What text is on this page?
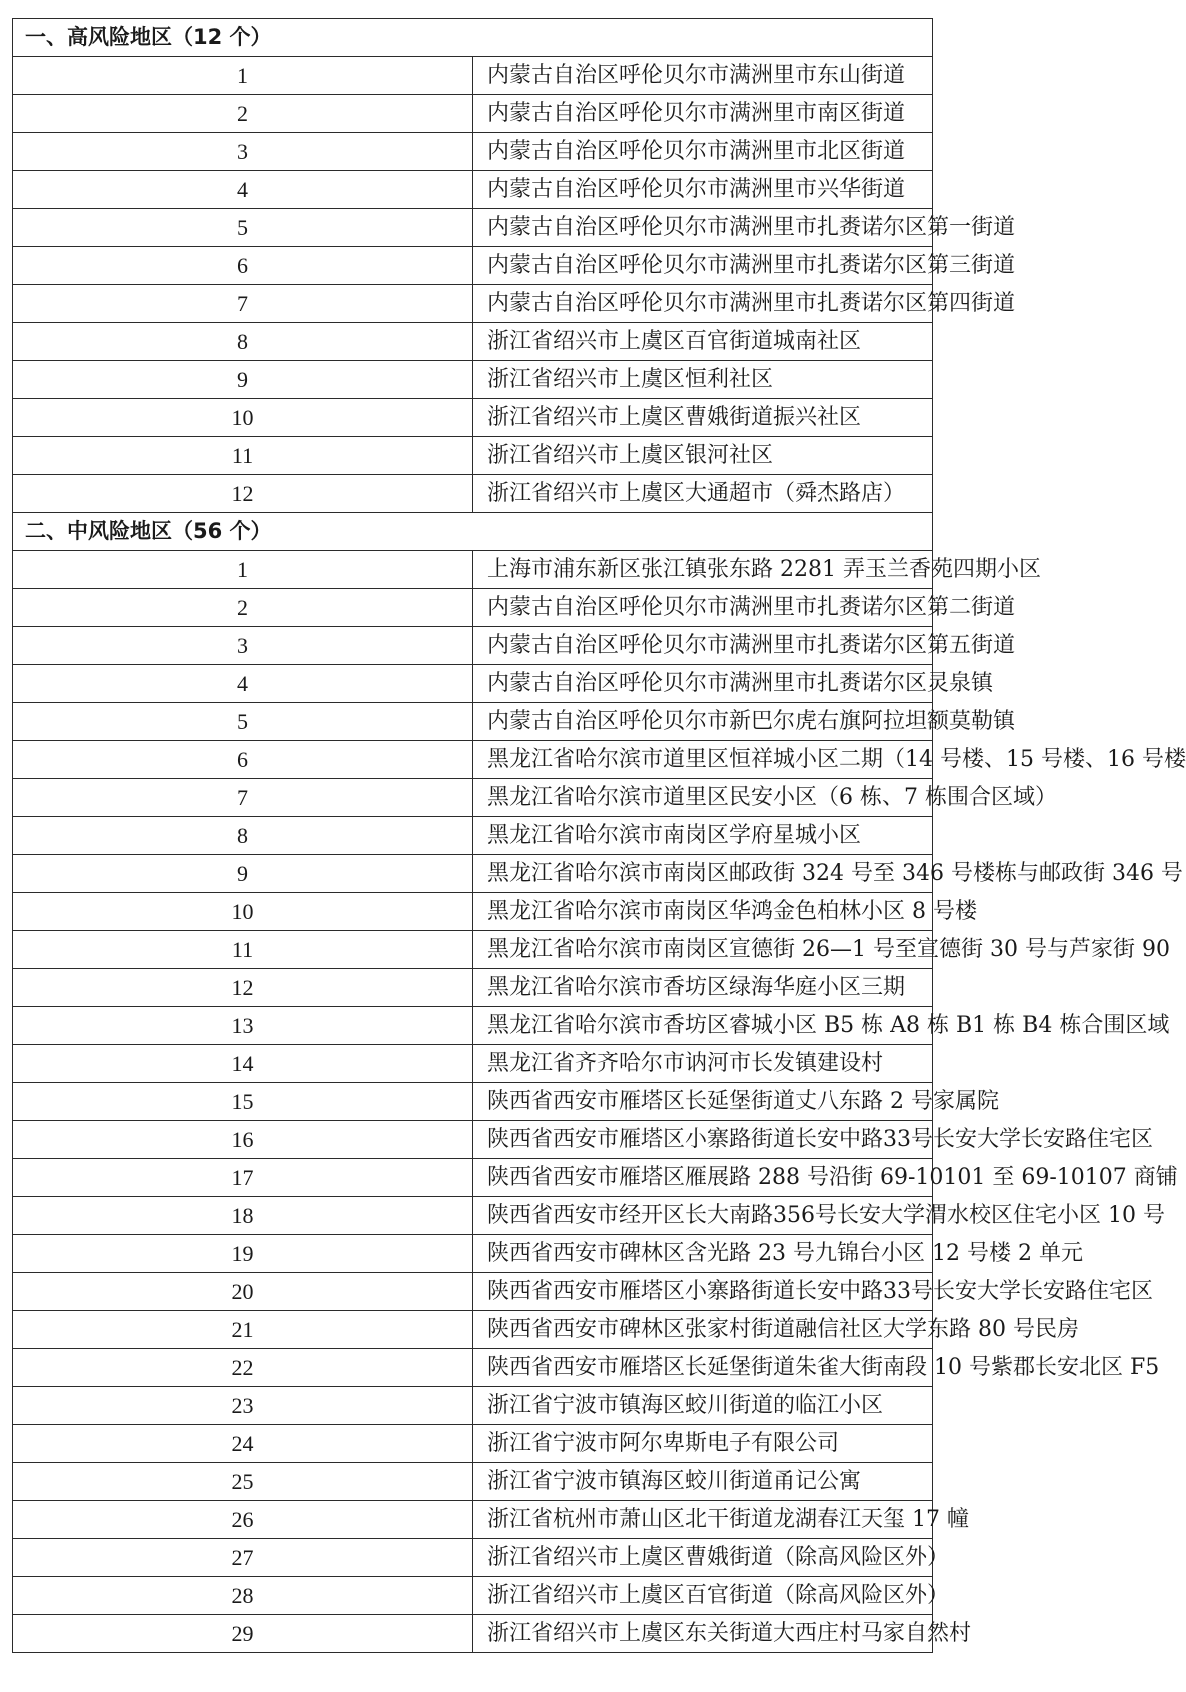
一、高风险地区（12 个）	
1	内蒙古自治区呼伦贝尔市满洲里市东山街道
2	内蒙古自治区呼伦贝尔市满洲里市南区街道
3	内蒙古自治区呼伦贝尔市满洲里市北区街道
4	内蒙古自治区呼伦贝尔市满洲里市兴华街道
5	内蒙古自治区呼伦贝尔市满洲里市扎赉诺尔区第一街道
6	内蒙古自治区呼伦贝尔市满洲里市扎赉诺尔区第三街道
7	内蒙古自治区呼伦贝尔市满洲里市扎赉诺尔区第四街道
8	浙江省绍兴市上虞区百官街道城南社区
9	浙江省绍兴市上虞区恒利社区
10	浙江省绍兴市上虞区曹娥街道振兴社区
11	浙江省绍兴市上虞区银河社区
12	浙江省绍兴市上虞区大通超市（舜杰路店）
二、中风险地区（56 个）	
1	上海市浦东新区张江镇张东路 2281 弄玉兰香苑四期小区
2	内蒙古自治区呼伦贝尔市满洲里市扎赉诺尔区第二街道
3	内蒙古自治区呼伦贝尔市满洲里市扎赉诺尔区第五街道
4	内蒙古自治区呼伦贝尔市满洲里市扎赉诺尔区灵泉镇
5	内蒙古自治区呼伦贝尔市新巴尔虎右旗阿拉坦额莫勒镇
6	黑龙江省哈尔滨市道里区恒祥城小区二期（14 号楼、15 号楼、16 号楼
7	黑龙江省哈尔滨市道里区民安小区（6 栋、7 栋围合区域）
8	黑龙江省哈尔滨市南岗区学府星城小区
9	黑龙江省哈尔滨市南岗区邮政街 324 号至 346 号楼栋与邮政街 346 号
10	黑龙江省哈尔滨市南岗区华鸿金色柏林小区 8 号楼
11	黑龙江省哈尔滨市南岗区宣德街 26—1 号至宣德街 30 号与芦家街 90
12	黑龙江省哈尔滨市香坊区绿海华庭小区三期
13	黑龙江省哈尔滨市香坊区睿城小区 B5 栋 A8 栋 B1 栋 B4 栋合围区域
14	黑龙江省齐齐哈尔市讷河市长发镇建设村
15	陕西省西安市雁塔区长延堡街道丈八东路 2 号家属院
16	陕西省西安市雁塔区小寨路街道长安中路33号长安大学长安路住宅区
17	陕西省西安市雁塔区雁展路 288 号沿街 69-10101 至 69-10107 商铺
18	陕西省西安市经开区长大南路356号长安大学渭水校区住宅小区 10 号
19	陕西省西安市碑林区含光路 23 号九锦台小区 12 号楼 2 单元
20	陕西省西安市雁塔区小寨路街道长安中路33号长安大学长安路住宅区
21	陕西省西安市碑林区张家村街道融信社区大学东路 80 号民房
22	陕西省西安市雁塔区长延堡街道朱雀大街南段 10 号紫郡长安北区 F5
23	浙江省宁波市镇海区蛟川街道的临江小区
24	浙江省宁波市阿尔卑斯电子有限公司
25	浙江省宁波市镇海区蛟川街道甬记公寓
26	浙江省杭州市萧山区北干街道龙湖春江天玺 17 幢
27	浙江省绍兴市上虞区曹娥街道（除高风险区外）
28	浙江省绍兴市上虞区百官街道（除高风险区外）
29	浙江省绍兴市上虞区东关街道大西庄村马家自然村
